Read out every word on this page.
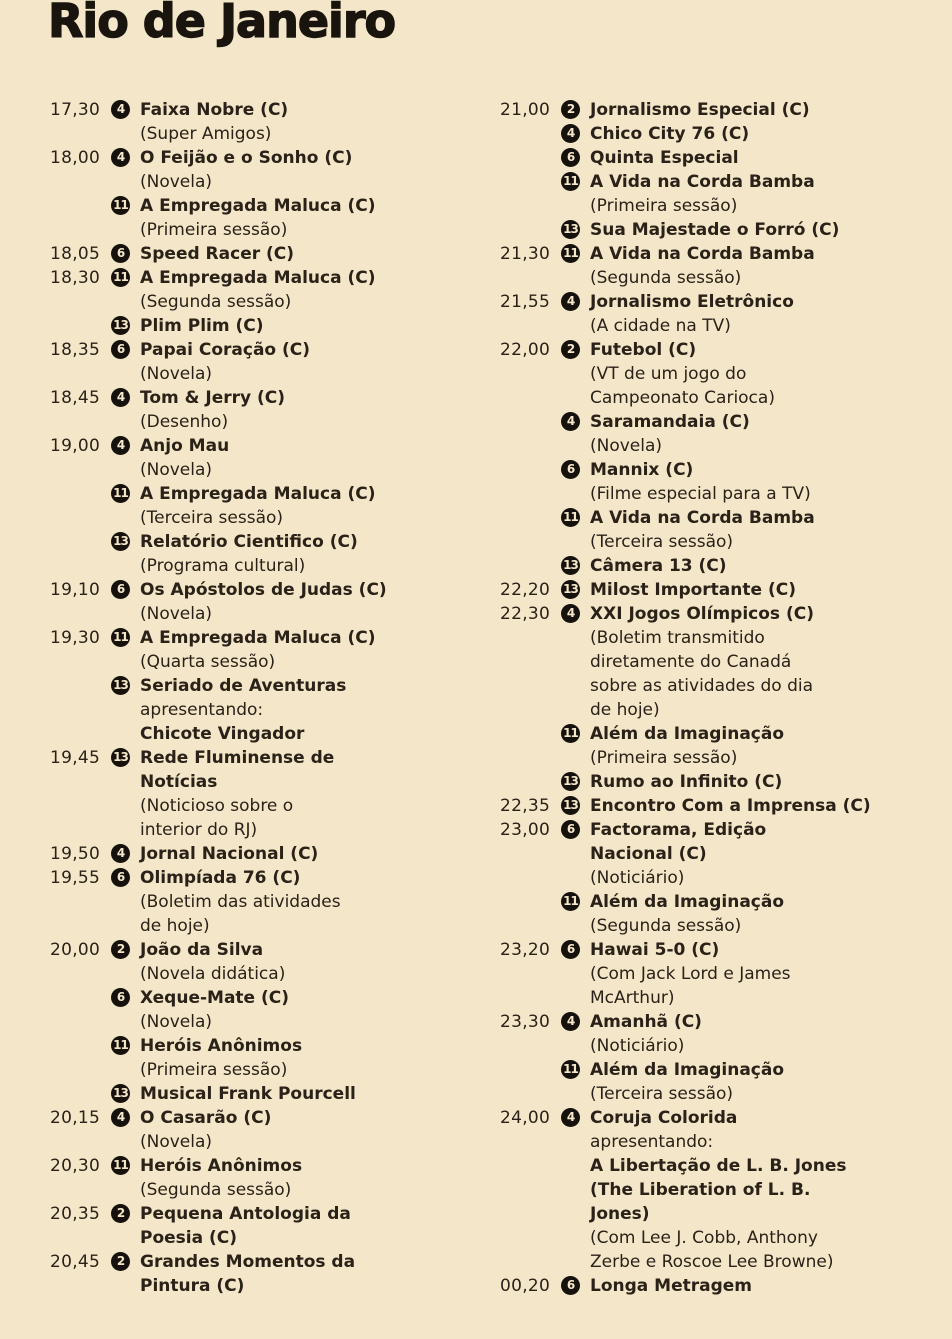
Rio de Janeiro
17,30	4 Faixa Nobre (C)
(Super Amigos)
18,00	4 O Feijão e o Sonho (C)
(Novela)
11 A Empregada Maluca (C)
(Primeira sessão)
18,05	6 Speed Racer (C)
18,30	11 A Empregada Maluca (C)
(Segunda sessão)
13 Plim Plim (C)
18,35	6 Papai Coração (C)
(Novela)
18,45	4 Tom & Jerry (C)
(Desenho)
19,00	4 Anjo Mau
(Novela)
11 A Empregada Maluca (C)
(Terceira sessão)
13 Relatório Cientifico (C)
(Programa cultural)
19,10	6 Os Apóstolos de Judas (C)
(Novela)
19,30	11 A Empregada Maluca (C)
(Quarta sessão)
13 Seriado de Aventuras
apresentando:
Chicote Vingador
19,45	13 Rede Fluminense de
Notícias
(Noticioso sobre o
interior do RJ)
19,50	4 Jornal Nacional (C)
19,55	6 Olimpíada 76 (C)
(Boletim das atividades
de hoje)
20,00	2 João da Silva
(Novela didática)
6 Xeque-Mate (C)
(Novela)
11 Heróis Anônimos
(Primeira sessão)
13 Musical Frank Pourcell
20,15	4 O Casarão (C)
(Novela)
20,30	11 Heróis Anônimos
(Segunda sessão)
20,35	2 Pequena Antologia da
Poesia (C)
20,45	2 Grandes Momentos da
Pintura (C)
21,00	2 Jornalismo Especial (C)
4 Chico City 76 (C)
6 Quinta Especial
11 A Vida na Corda Bamba
(Primeira sessão)
13 Sua Majestade o Forró (C)
21,30	11 A Vida na Corda Bamba
(Segunda sessão)
21,55	4 Jornalismo Eletrônico
(A cidade na TV)
22,00	2 Futebol (C)
(VT de um jogo do
Campeonato Carioca)
4 Saramandaia (C)
(Novela)
6 Mannix (C)
(Filme especial para a TV)
11 A Vida na Corda Bamba
(Terceira sessão)
13 Câmera 13 (C)
22,20	13 Milost Importante (C)
22,30	4 XXI Jogos Olímpicos (C)
(Boletim transmitido
diretamente do Canadá
sobre as atividades do dia
de hoje)
11 Além da Imaginação
(Primeira sessão)
13 Rumo ao Infinito (C)
22,35	13 Encontro Com a Imprensa (C)
23,00	6 Factorama, Edição
Nacional (C)
(Noticiário)
11 Além da Imaginação
(Segunda sessão)
23,20	6 Hawai 5-0 (C)
(Com Jack Lord e James
McArthur)
23,30	4 Amanhã (C)
(Noticiário)
11 Além da Imaginação
(Terceira sessão)
24,00	4 Coruja Colorida
apresentando:
A Libertação de L. B. Jones
(The Liberation of L. B.
Jones)
(Com Lee J. Cobb, Anthony
Zerbe e Roscoe Lee Browne)
00,20	6 Longa Metragem
